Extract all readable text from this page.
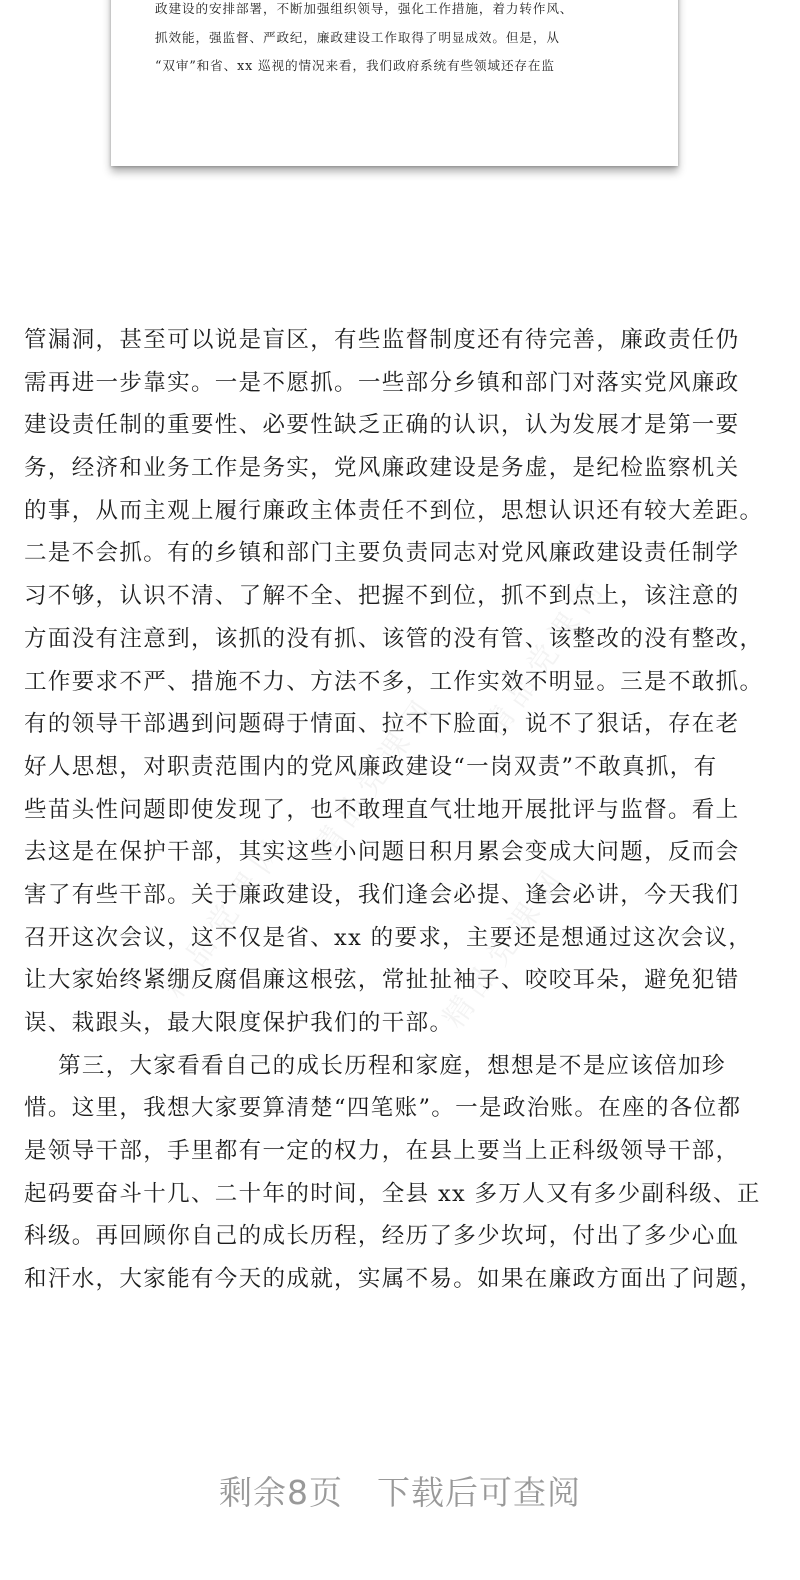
政建设的安排部署，不断加强组织领导，强化工作措施，着力转作风、
抓效能，强监督、严政纪，廉政建设工作取得了明显成效。但是，从
“双审”和省、xx 巡视的情况来看，我们政府系统有些领域还存在监
精品党课网
精品党课网
精品党课网
精品党课网
管漏洞，甚至可以说是盲区，有些监督制度还有待完善，廉政责任仍
需再进一步靠实。一是不愿抓。一些部分乡镇和部门对落实党风廉政
建设责任制的重要性、必要性缺乏正确的认识，认为发展才是第一要
务，经济和业务工作是务实，党风廉政建设是务虚，是纪检监察机关
的事，从而主观上履行廉政主体责任不到位，思想认识还有较大差距。
二是不会抓。有的乡镇和部门主要负责同志对党风廉政建设责任制学
习不够，认识不清、了解不全、把握不到位，抓不到点上，该注意的
方面没有注意到，该抓的没有抓、该管的没有管、该整改的没有整改，
工作要求不严、措施不力、方法不多，工作实效不明显。三是不敢抓。
有的领导干部遇到问题碍于情面、拉不下脸面，说不了狠话，存在老
好人思想，对职责范围内的党风廉政建设“一岗双责”不敢真抓，有
些苗头性问题即使发现了，也不敢理直气壮地开展批评与监督。看上
去这是在保护干部，其实这些小问题日积月累会变成大问题，反而会
害了有些干部。关于廉政建设，我们逢会必提、逢会必讲，今天我们
召开这次会议，这不仅是省、xx 的要求，主要还是想通过这次会议，
让大家始终紧绷反腐倡廉这根弦，常扯扯袖子、咬咬耳朵，避免犯错
误、栽跟头，最大限度保护我们的干部。
第三，大家看看自己的成长历程和家庭，想想是不是应该倍加珍
惜。这里，我想大家要算清楚“四笔账”。一是政治账。在座的各位都
是领导干部，手里都有一定的权力，在县上要当上正科级领导干部，
起码要奋斗十几、二十年的时间，全县 xx 多万人又有多少副科级、正
科级。再回顾你自己的成长历程，经历了多少坎坷，付出了多少心血
和汗水，大家能有今天的成就，实属不易。如果在廉政方面出了问题，
剩余8页 下载后可查阅
